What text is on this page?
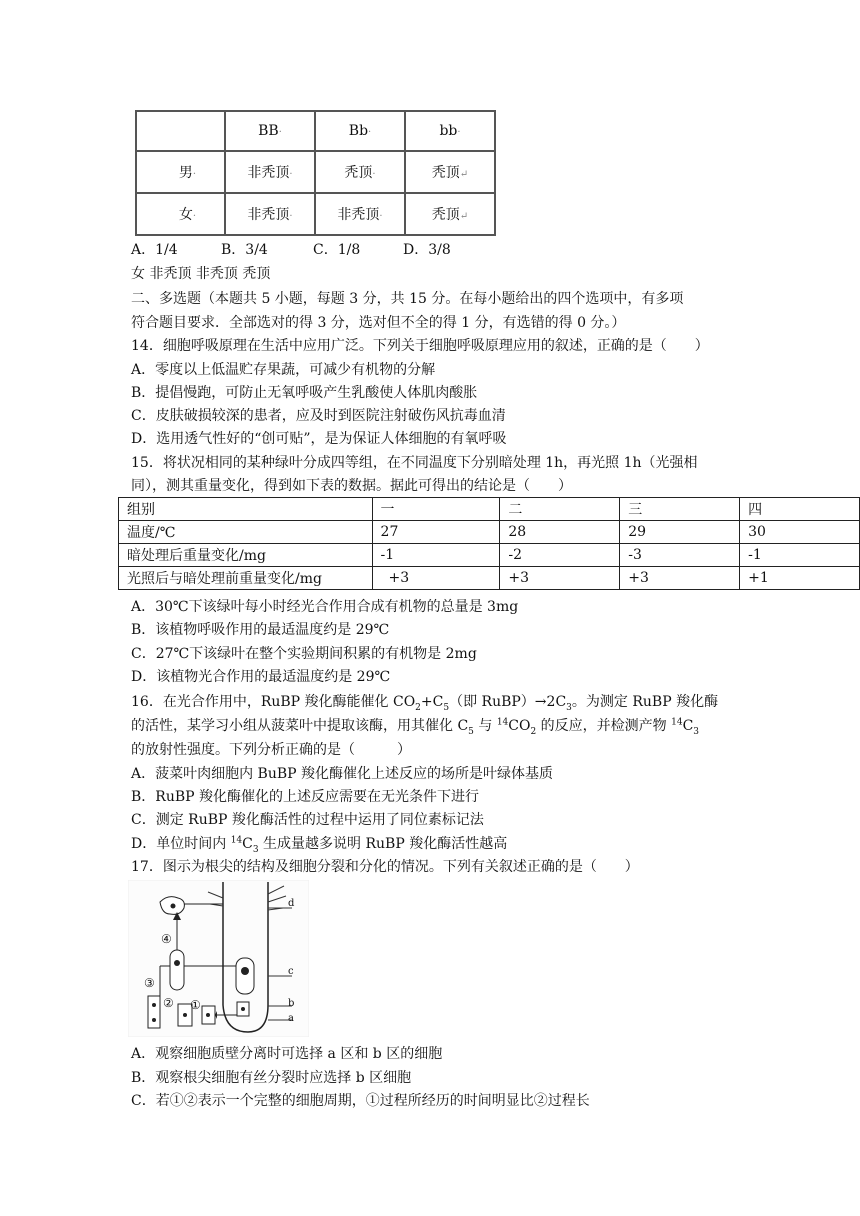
	BB·	Bb·	bb·
男·	非秃顶·	秃顶·	秃顶↵
女·	非秃顶·	非秃顶·	秃顶↵
A．1/4	B．3/4	C．1/8	D．3/8
女 非秃顶 非秃顶 秃顶
二、多选题（本题共 5 小题，每题 3 分，共 15 分。在每小题给出的四个选项中，有多项
符合题目要求．全部选对的得 3 分，选对但不全的得 1 分，有选错的得 0 分。）
14．细胞呼吸原理在生活中应用广泛。下列关于细胞呼吸原理应用的叙述，正确的是（　　）
A．零度以上低温贮存果蔬，可减少有机物的分解
B．提倡慢跑，可防止无氧呼吸产生乳酸使人体肌肉酸胀
C．皮肤破损较深的患者，应及时到医院注射破伤风抗毒血清
D．选用透气性好的“创可贴”，是为保证人体细胞的有氧呼吸
15．将状况相同的某种绿叶分成四等组，在不同温度下分别暗处理 1h，再光照 1h（光强相
同），测其重量变化，得到如下表的数据。据此可得出的结论是（　　）
组别	一	二	三	四
温度/℃	27	28	29	30
暗处理后重量变化/mg	-1	-2	-3	-1
光照后与暗处理前重量变化/mg	+3	+3	+3	+1
A．30℃下该绿叶每小时经光合作用合成有机物的总量是 3mg
B．该植物呼吸作用的最适温度约是 29℃
C．27℃下该绿叶在整个实验期间积累的有机物是 2mg
D．该植物光合作用的最适温度约是 29℃
16．在光合作用中，RuBP 羧化酶能催化 $CO_2+C_5$（即 $RuBP)\to 2C_3$。为测定 RuBP 羧化酶
的活性，某学习小组从菠菜叶中提取该酶，用其催化 $C_5$ 与 $^{14}CO_2$ 的反应，并检测产物 $^{14}C_3$
的放射性强度。下列分析正确的是（　　　）
A．菠菜叶肉细胞内 BuBP 羧化酶催化上述反应的场所是叶绿体基质
B．RuBP 羧化酶催化的上述反应需要在无光条件下进行
C．测定 RuBP 羧化酶活性的过程中运用了同位素标记法
D．单位时间内 $^{14}C_3$ 生成量越多说明 RuBP 羧化酶活性越高
17．图示为根尖的结构及细胞分裂和分化的情况。下列有关叙述正确的是（　　）
d
c
b
a
①
②
③
④
A．观察细胞质壁分离时可选择 a 区和 b 区的细胞
B．观察根尖细胞有丝分裂时应选择 b 区细胞
C．若①②表示一个完整的细胞周期，①过程所经历的时间明显比②过程长
